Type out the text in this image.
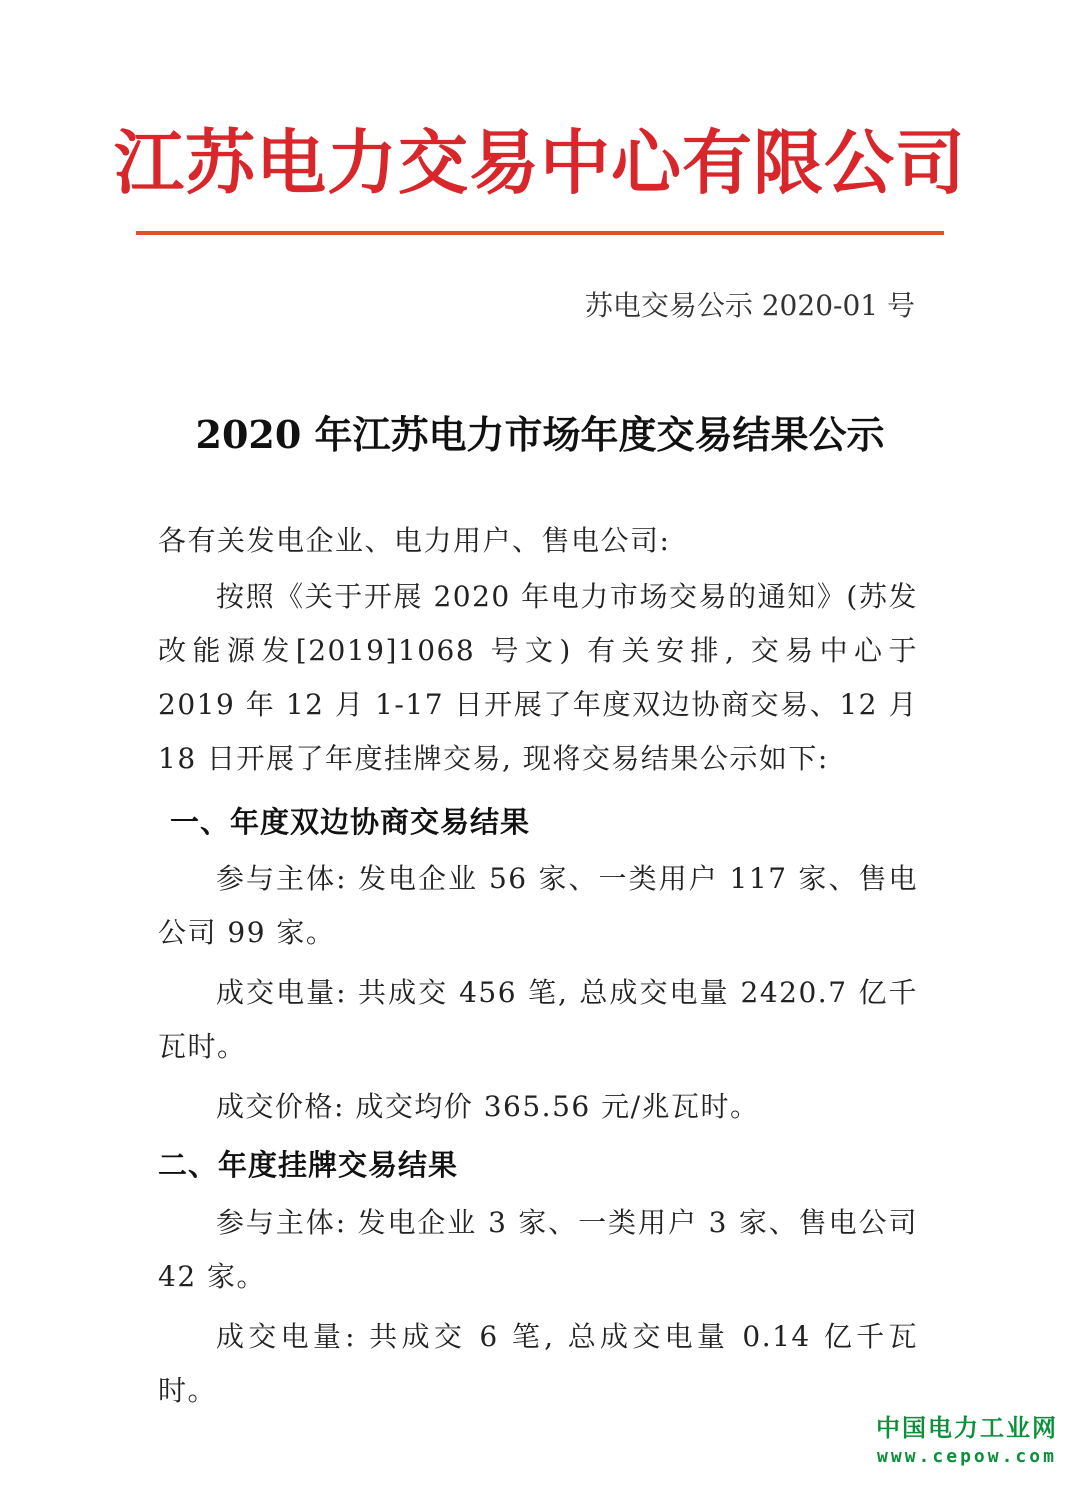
江苏电力交易中心有限公司
苏电交易公示 2020-01 号
2020 年江苏电力市场年度交易结果公示
各有关发电企业、电力用户、售电公司:
按照《关于开展 2020 年电力市场交易的通知》(苏发改能源发[2019]1068 号文) 有关安排, 交易中心于 2019 年 12 月 1-17 日开展了年度双边协商交易、12 月 18 日开展了年度挂牌交易, 现将交易结果公示如下:
一、年度双边协商交易结果
参与主体: 发电企业 56 家、一类用户 117 家、售电公司 99 家。
成交电量: 共成交 456 笔, 总成交电量 2420.7 亿千瓦时。
成交价格: 成交均价 365.56 元/兆瓦时。
二、年度挂牌交易结果
参与主体: 发电企业 3 家、一类用户 3 家、售电公司 42 家。
成交电量: 共成交 6 笔, 总成交电量 0.14 亿千瓦时。
中国电力工业网
www.cepow.com
